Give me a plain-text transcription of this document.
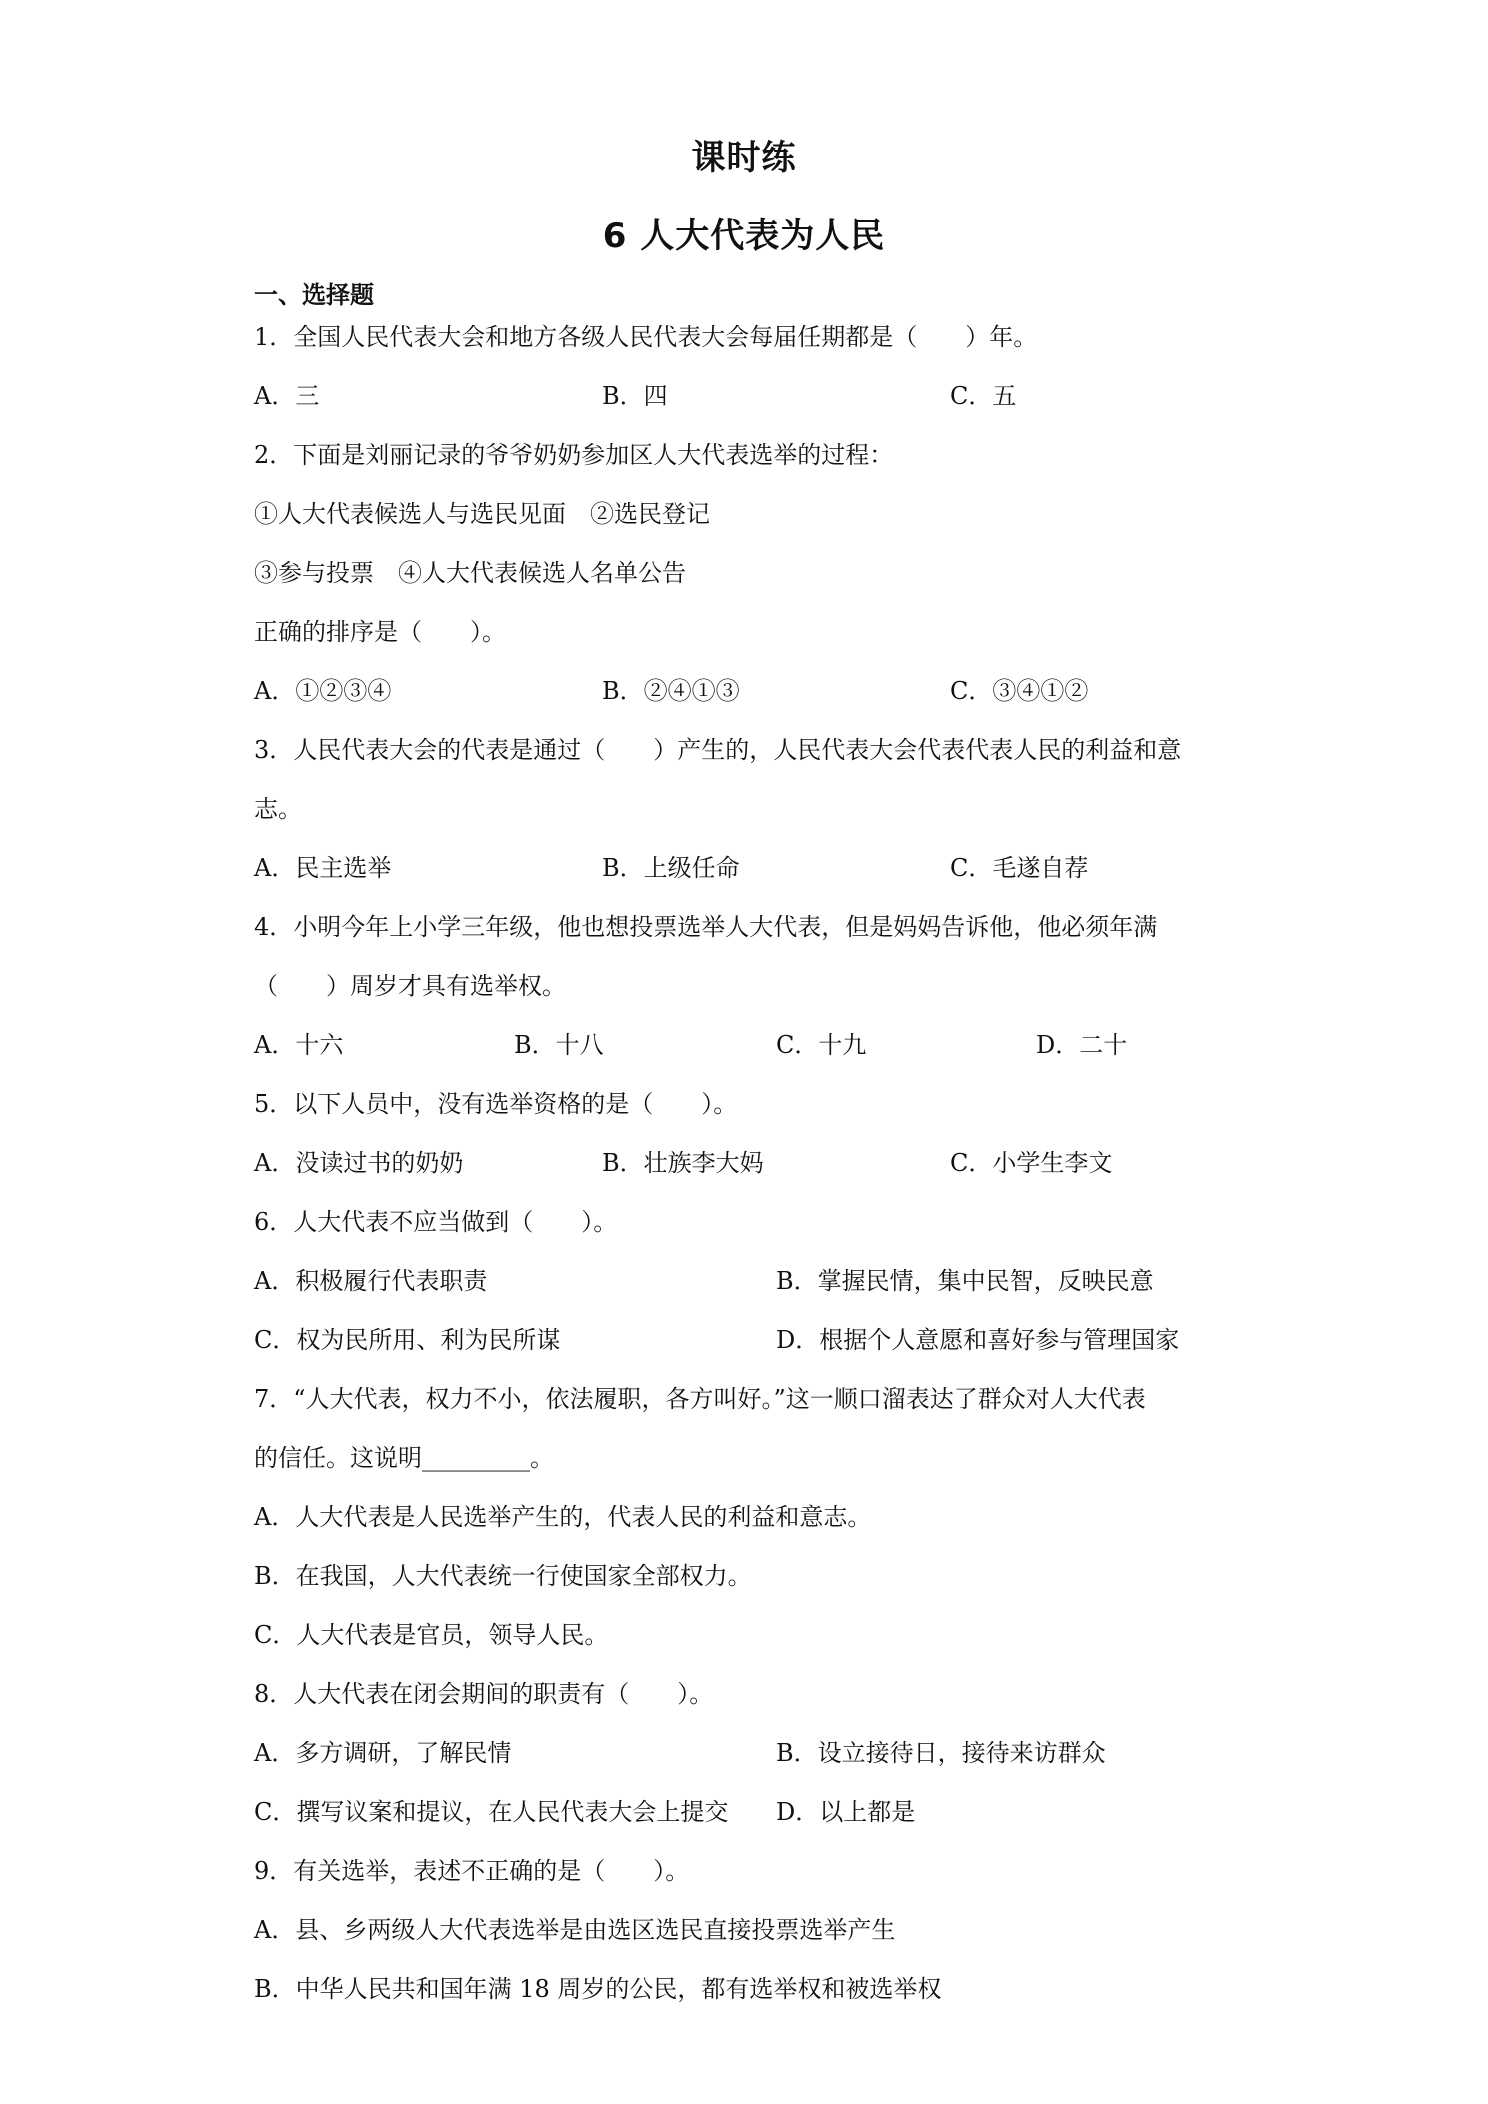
课时练
6 人大代表为人民
一、选择题
1．全国人民代表大会和地方各级人民代表大会每届任期都是（　　）年。
A．三	B．四	C．五
2．下面是刘丽记录的爷爷奶奶参加区人大代表选举的过程：
①人大代表候选人与选民见面　②选民登记
③参与投票　④人大代表候选人名单公告
正确的排序是（　　）。
A．①②③④	B．②④①③	C．③④①②
3．人民代表大会的代表是通过（　　）产生的，人民代表大会代表代表人民的利益和意
志。
A．民主选举	B．上级任命	C．毛遂自荐
4．小明今年上小学三年级，他也想投票选举人大代表，但是妈妈告诉他，他必须年满
（　　）周岁才具有选举权。
A．十六	B．十八	C．十九	D．二十
5．以下人员中，没有选举资格的是（　　）。
A．没读过书的奶奶	B．壮族李大妈	C．小学生李文
6．人大代表不应当做到（　　）。
A．积极履行代表职责	B．掌握民情，集中民智，反映民意
C．权为民所用、利为民所谋	D．根据个人意愿和喜好参与管理国家
7．“人大代表，权力不小，依法履职，各方叫好。”这一顺口溜表达了群众对人大代表
的信任。这说明_________。
A．人大代表是人民选举产生的，代表人民的利益和意志。
B．在我国，人大代表统一行使国家全部权力。
C．人大代表是官员，领导人民。
8．人大代表在闭会期间的职责有（　　）。
A．多方调研，了解民情	B．设立接待日，接待来访群众
C．撰写议案和提议，在人民代表大会上提交 D．以上都是
9．有关选举，表述不正确的是（　　）。
A．县、乡两级人大代表选举是由选区选民直接投票选举产生
B．中华人民共和国年满 18 周岁的公民，都有选举权和被选举权
